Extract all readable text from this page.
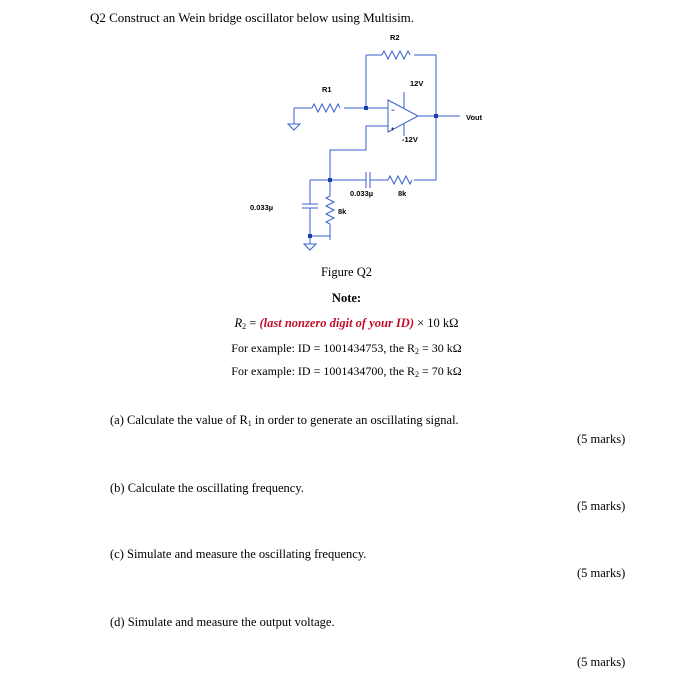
Q2 Construct an Wein bridge oscillator below using Multisim.
R2
R1
12V
-12V
Vout
0.033µ	8k
0.033µ	8k
−
+
Figure Q2
Note:
$R_2$ = (last nonzero digit of your ID) × 10 kΩ
For example: ID = 1001434753, the $R_2 = 30$ kΩ
For example: ID = 1001434700, the $R_2 = 70$ kΩ
(a) Calculate the value of $R_1$ in order to generate an oscillating signal.
(5 marks)
(b) Calculate the oscillating frequency.
(5 marks)
(c) Simulate and measure the oscillating frequency.
(5 marks)
(d) Simulate and measure the output voltage.
(5 marks)
